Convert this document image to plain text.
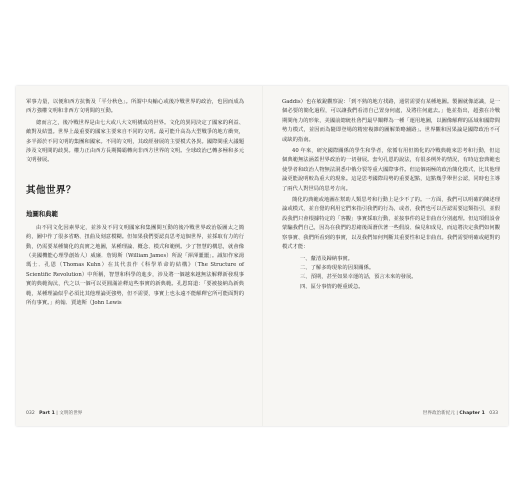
軍事力量，以便和西方抗衡及「平分秋色」。所謂中央輸心或後冷戰世界的政治，也因而成為西方強權文明和非西方文明間的互動。

總而言之，後冷戰世界是由七大或八大文明構成的世界。文化的異同決定了國家的利益、敵對及結盟。世界上最重要的國家主要來自不同的文明。最可能升高為大型戰爭的地方衝突，多半源於不同文明的集團和國家。不同的文明，其政經發展的主要模式各異。國際間重大議題涉及文明間的歧異。權力正由西方長期獨霸轉向非西方世界的文明。全球政治已轉多極和多元文明發展。

其他世界？
地圖和典範

由不同文化因素界定，並涉及不同文明國家和集團間互動的後冷戰世界政治版圖太之簡約，圖中作了很多省略、扭曲及刻意模糊。但如果我們要認真思考這個世界，並採取有力的行動，仍需要某種簡化的真實之地圖，某種理論、概念、模式和範例。少了智慧的構思，就會像（美國機能心理學創始人）威廉．詹姆斯（William James）所說「渾渾噩噩」。誠如作家湯瑪士．孔恩（Thomas Kuhn）在其代表作《科學革命的結構》（The Structure of Scientific Revolution）中所稱，智慧和科學的進步，涉及將一個越來越無法解釋新發現事實的典範淘汰，代之以一個可以更圓滿詮釋這些事實的新典範。孔恩寫道：「要被接納為新典範，某種理論似乎必須比其他理論更強勢，但不需要，事實上也永遠不能解釋它所可能面對的所有事實。」約翰．賈迪斯（John Lewis

Gaddis）也在敏銳觀察說：「到不熟的地方找路，通常需要有某種地圖。製圖就像認識，是一個必要的簡化過程，可以讓我們看清自己置身何處，及將往何處去。」他並指出，超強在冷戰期間角力的形象，美國前總統杜魯門最早闡釋為一種「運用地圖，以圖像解釋的區域和國際間勢力模式，並因而為隨即登場的精密複雜的圖解策略舖路」。世界觀和因果論是國際政治不可或缺的指南。

40 年來，研究國際關係的學生和學者，依循有用但簡化的冷戰典範來思考和行動，但這個典範無法涵蓋世界政治的一切發展。套句孔恩的說法，有很多例外的情況，有時這套典範也使學者和政治人物無法洞悉中俄分裂等重大國際事件。但這個兩極的政治簡化模式，比其他理論更能說明較為重大的現象。這是思考國際局勢的重要起點，這點幾乎舉世公認，同時也主導了兩代人對世局的思考方向。

簡化的典範或地圖在幫助人類思考和行動上是少不了的。一方面，我們可以明確的陳述理論或模式，並自覺的利用它們來指引我們的行為，或者，我們也可以否認需要這類指引，並假設我們只會根據特定的「客觀」事實採取行動，並接事件的是非曲直分別處理。但這項假設會蒙騙我們自己，因為在我們的思緒後面潛伏著一些假設、偏見和成見，而這將決定我們如何觀察事實、我們所看到的事實，以及我們如何判斷其重要性和是非曲直。我們需要明確或絕對的模式才能：

一、釐清及歸納事實。
二、了解多時現象的因果關係。
三、預期，甚至如果幸運的話，預言未來的發展。
四、區分事情的輕重緩急。
032 Part 1 | 文明的世界	世界政治新紀元 | Chapter 1 033
